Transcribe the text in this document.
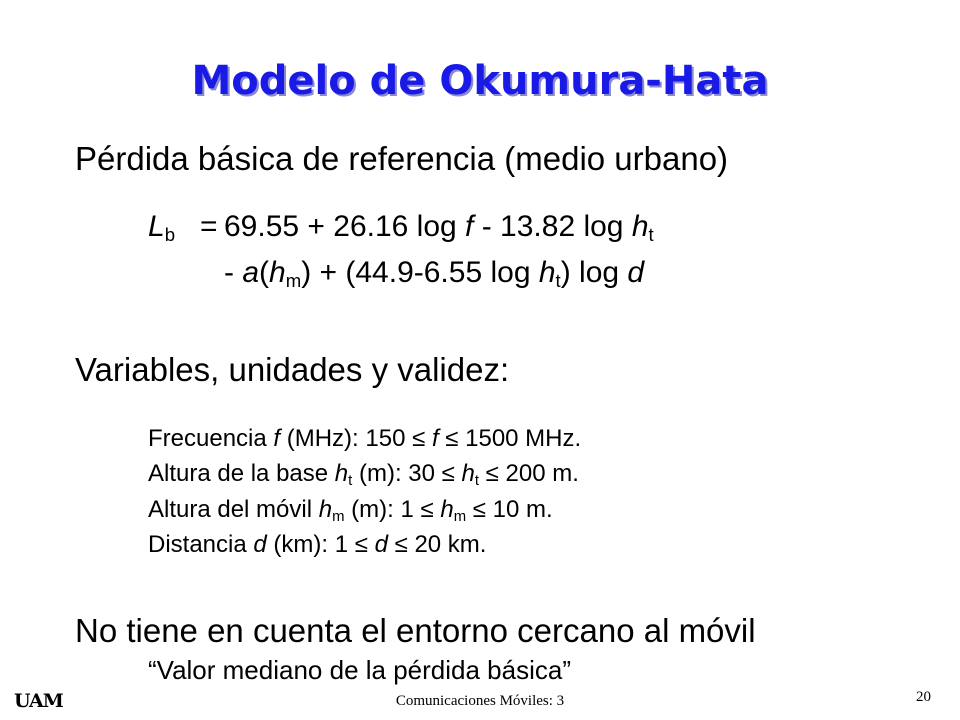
Modelo de Okumura-Hata
Pérdida básica de referencia (medio urbano)
$L_b = 69.55 + 26.16$ log f - 13.82 $\log h_t$
- $a(h_m) + (44.9-6.55$ $\log h_t$) log d
Variables, unidades y validez:
Frecuencia f (MHz): 150 ≤ f ≤ 1500 MHz.
Altura de la base $h_t$ (m): $30 \le h_t \le 200$ m.
Altura del móvil $h_m$ (m): $1 \le h_m \le 10$ m.
Distancia d (km): 1 ≤ d ≤ 20 km.
No tiene en cuenta el entorno cercano al móvil
“Valor mediano de la pérdida básica”
UAM	Comunicaciones Móviles: 3	20
